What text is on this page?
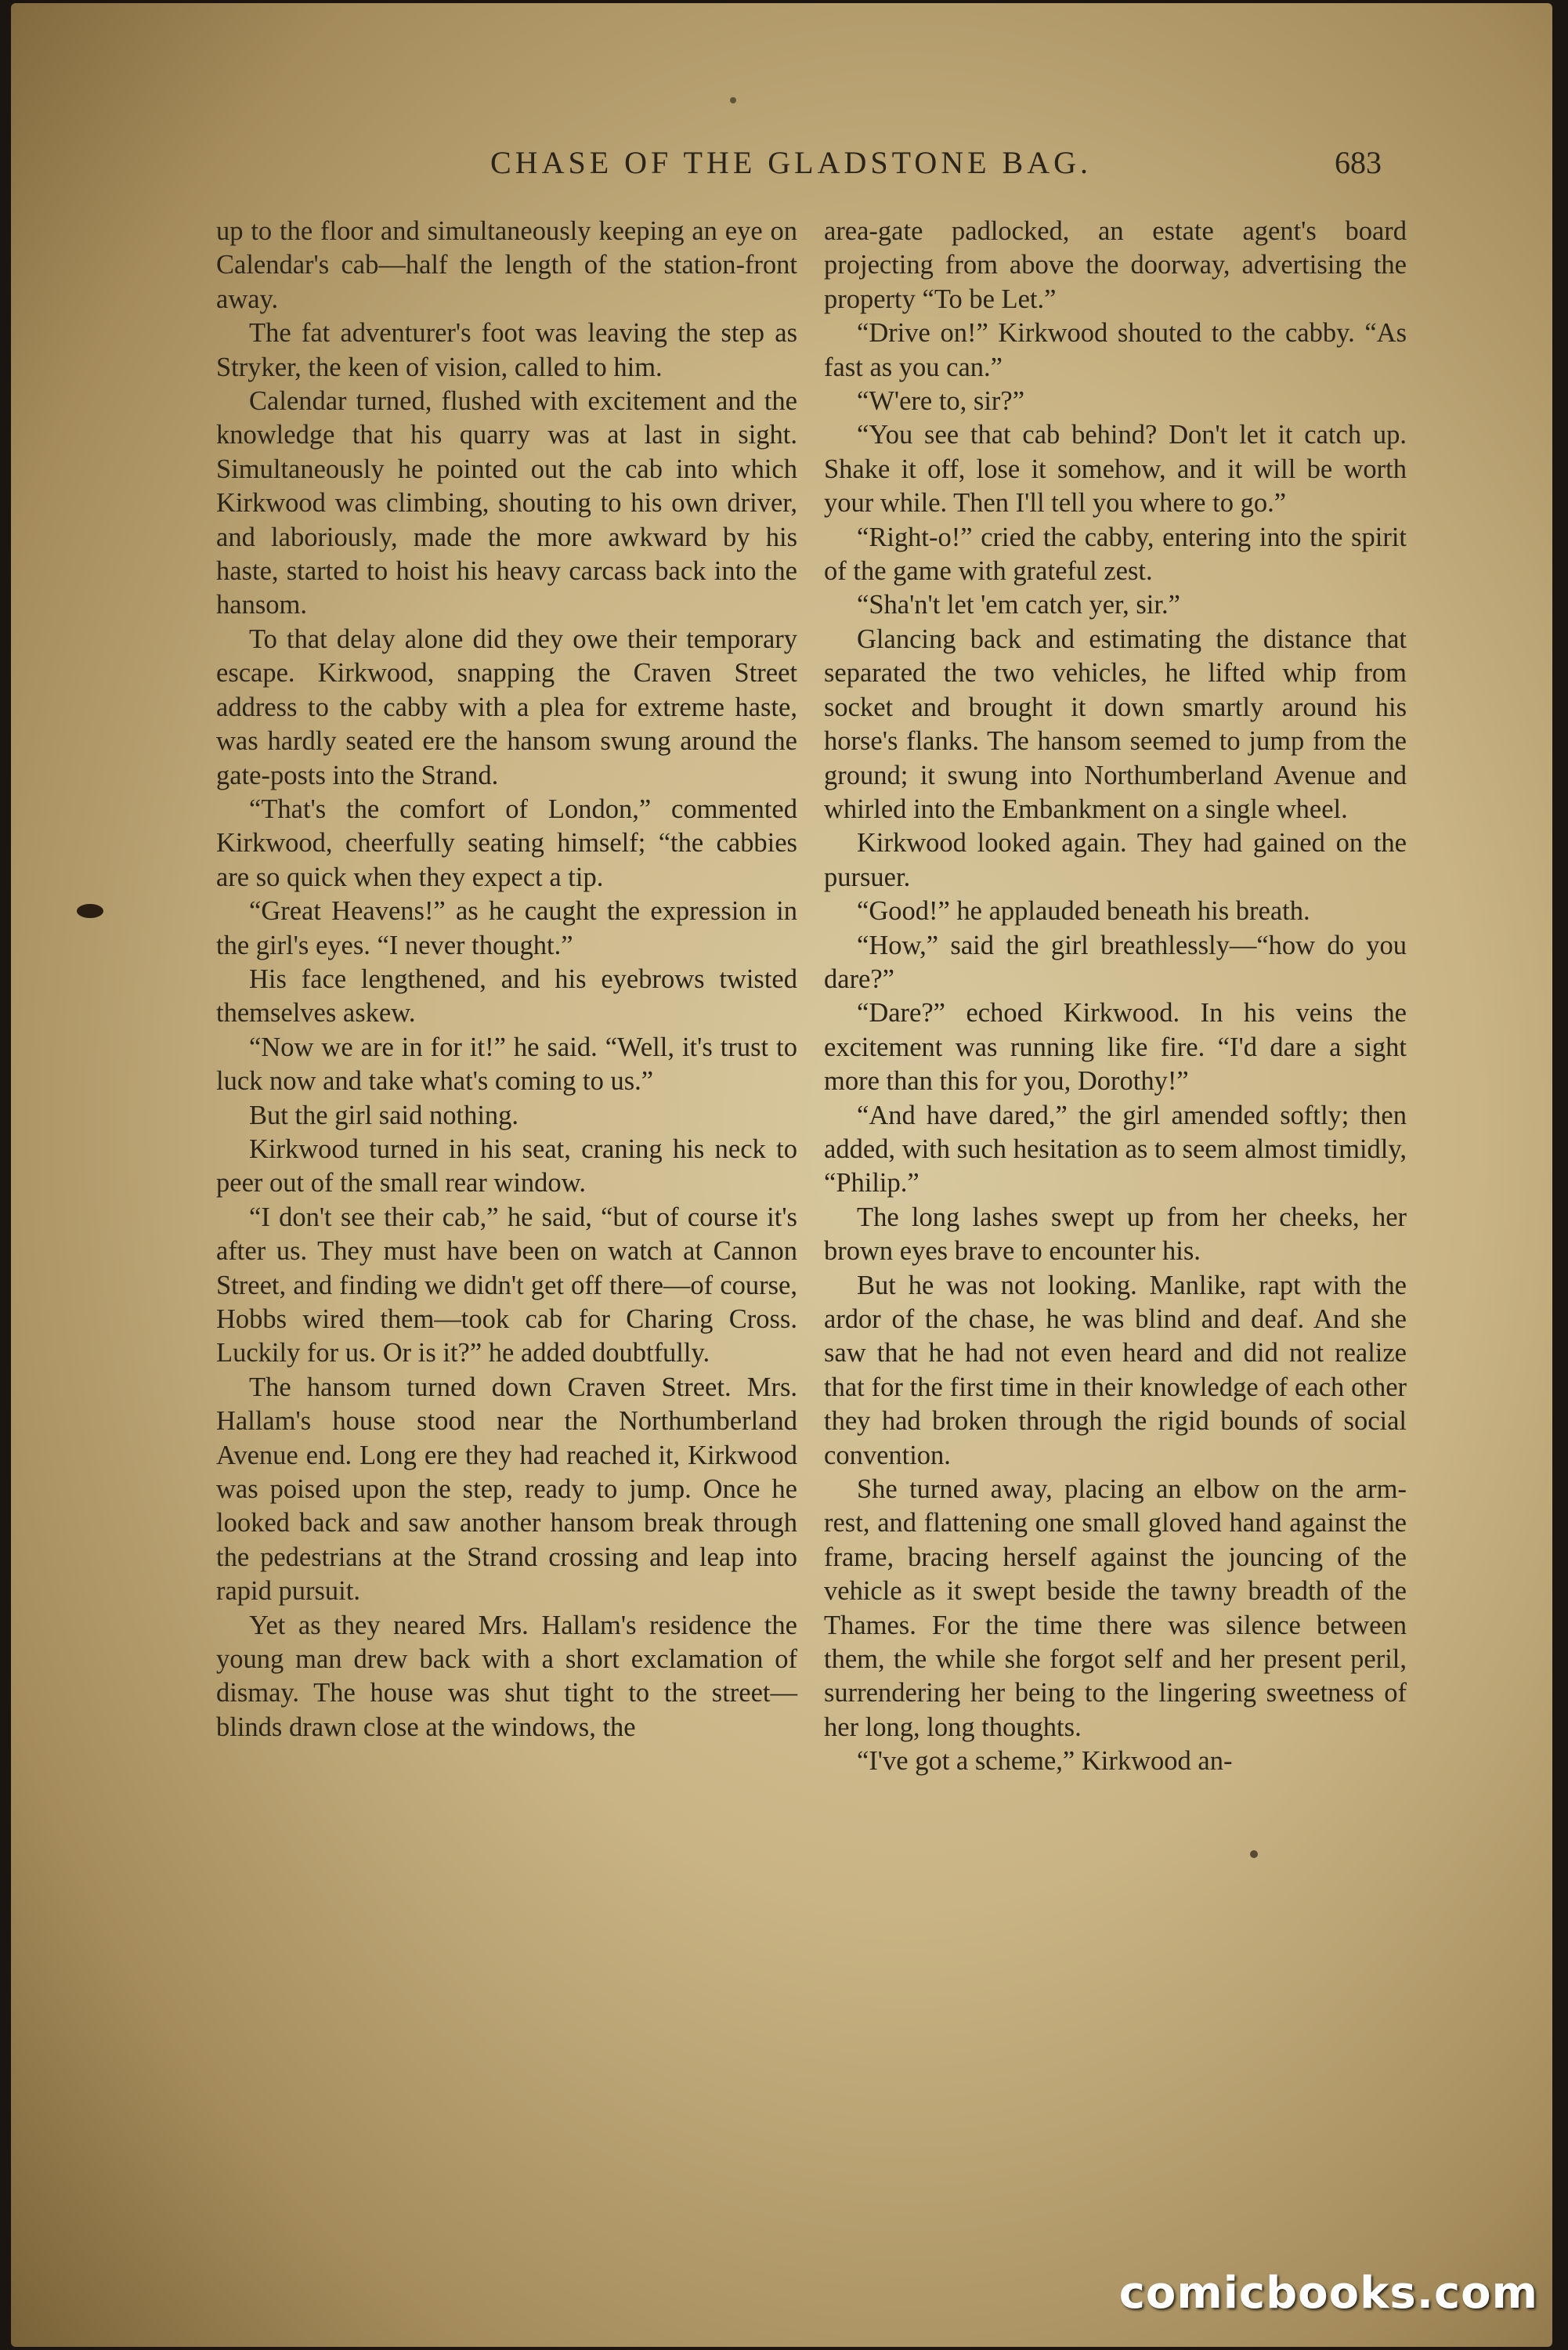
CHASE OF THE GLADSTONE BAG.	683

up to the floor and simultaneously keeping an eye on Calendar's cab—half the length of the station-front away.

The fat adventurer's foot was leaving the step as Stryker, the keen of vision, called to him.

Calendar turned, flushed with excitement and the knowledge that his quarry was at last in sight. Simultaneously he pointed out the cab into which Kirkwood was climbing, shouting to his own driver, and laboriously, made the more awkward by his haste, started to hoist his heavy carcass back into the hansom.

To that delay alone did they owe their temporary escape. Kirkwood, snapping the Craven Street address to the cabby with a plea for extreme haste, was hardly seated ere the hansom swung around the gate-posts into the Strand.

“That's the comfort of London,” commented Kirkwood, cheerfully seating himself; “the cabbies are so quick when they expect a tip.

“Great Heavens!” as he caught the expression in the girl's eyes. “I never thought.”

His face lengthened, and his eyebrows twisted themselves askew.

“Now we are in for it!” he said. “Well, it's trust to luck now and take what's coming to us.”

But the girl said nothing.

Kirkwood turned in his seat, craning his neck to peer out of the small rear window.

“I don't see their cab,” he said, “but of course it's after us. They must have been on watch at Cannon Street, and finding we didn't get off there—of course, Hobbs wired them—took cab for Charing Cross. Luckily for us. Or is it?” he added doubtfully.

The hansom turned down Craven Street. Mrs. Hallam's house stood near the Northumberland Avenue end. Long ere they had reached it, Kirkwood was poised upon the step, ready to jump. Once he looked back and saw another hansom break through the pedestrians at the Strand crossing and leap into rapid pursuit.

Yet as they neared Mrs. Hallam's residence the young man drew back with a short exclamation of dismay. The house was shut tight to the street—blinds drawn close at the windows, the

area-gate padlocked, an estate agent's board projecting from above the doorway, advertising the property “To be Let.”

“Drive on!” Kirkwood shouted to the cabby. “As fast as you can.”

“W'ere to, sir?”

“You see that cab behind? Don't let it catch up. Shake it off, lose it somehow, and it will be worth your while. Then I'll tell you where to go.”

“Right-o!” cried the cabby, entering into the spirit of the game with grateful zest.

“Sha'n't let 'em catch yer, sir.”

Glancing back and estimating the distance that separated the two vehicles, he lifted whip from socket and brought it down smartly around his horse's flanks. The hansom seemed to jump from the ground; it swung into Northumberland Avenue and whirled into the Embankment on a single wheel.

Kirkwood looked again. They had gained on the pursuer.

“Good!” he applauded beneath his breath.

“How,” said the girl breathlessly—“how do you dare?”

“Dare?” echoed Kirkwood. In his veins the excitement was running like fire. “I'd dare a sight more than this for you, Dorothy!”

“And have dared,” the girl amended softly; then added, with such hesitation as to seem almost timidly, “Philip.”

The long lashes swept up from her cheeks, her brown eyes brave to encounter his.

But he was not looking. Manlike, rapt with the ardor of the chase, he was blind and deaf. And she saw that he had not even heard and did not realize that for the first time in their knowledge of each other they had broken through the rigid bounds of social convention.

She turned away, placing an elbow on the arm-rest, and flattening one small gloved hand against the frame, bracing herself against the jouncing of the vehicle as it swept beside the tawny breadth of the Thames. For the time there was silence between them, the while she forgot self and her present peril, surrendering her being to the lingering sweetness of her long, long thoughts.

“I've got a scheme,” Kirkwood an-

comicbooks.com
